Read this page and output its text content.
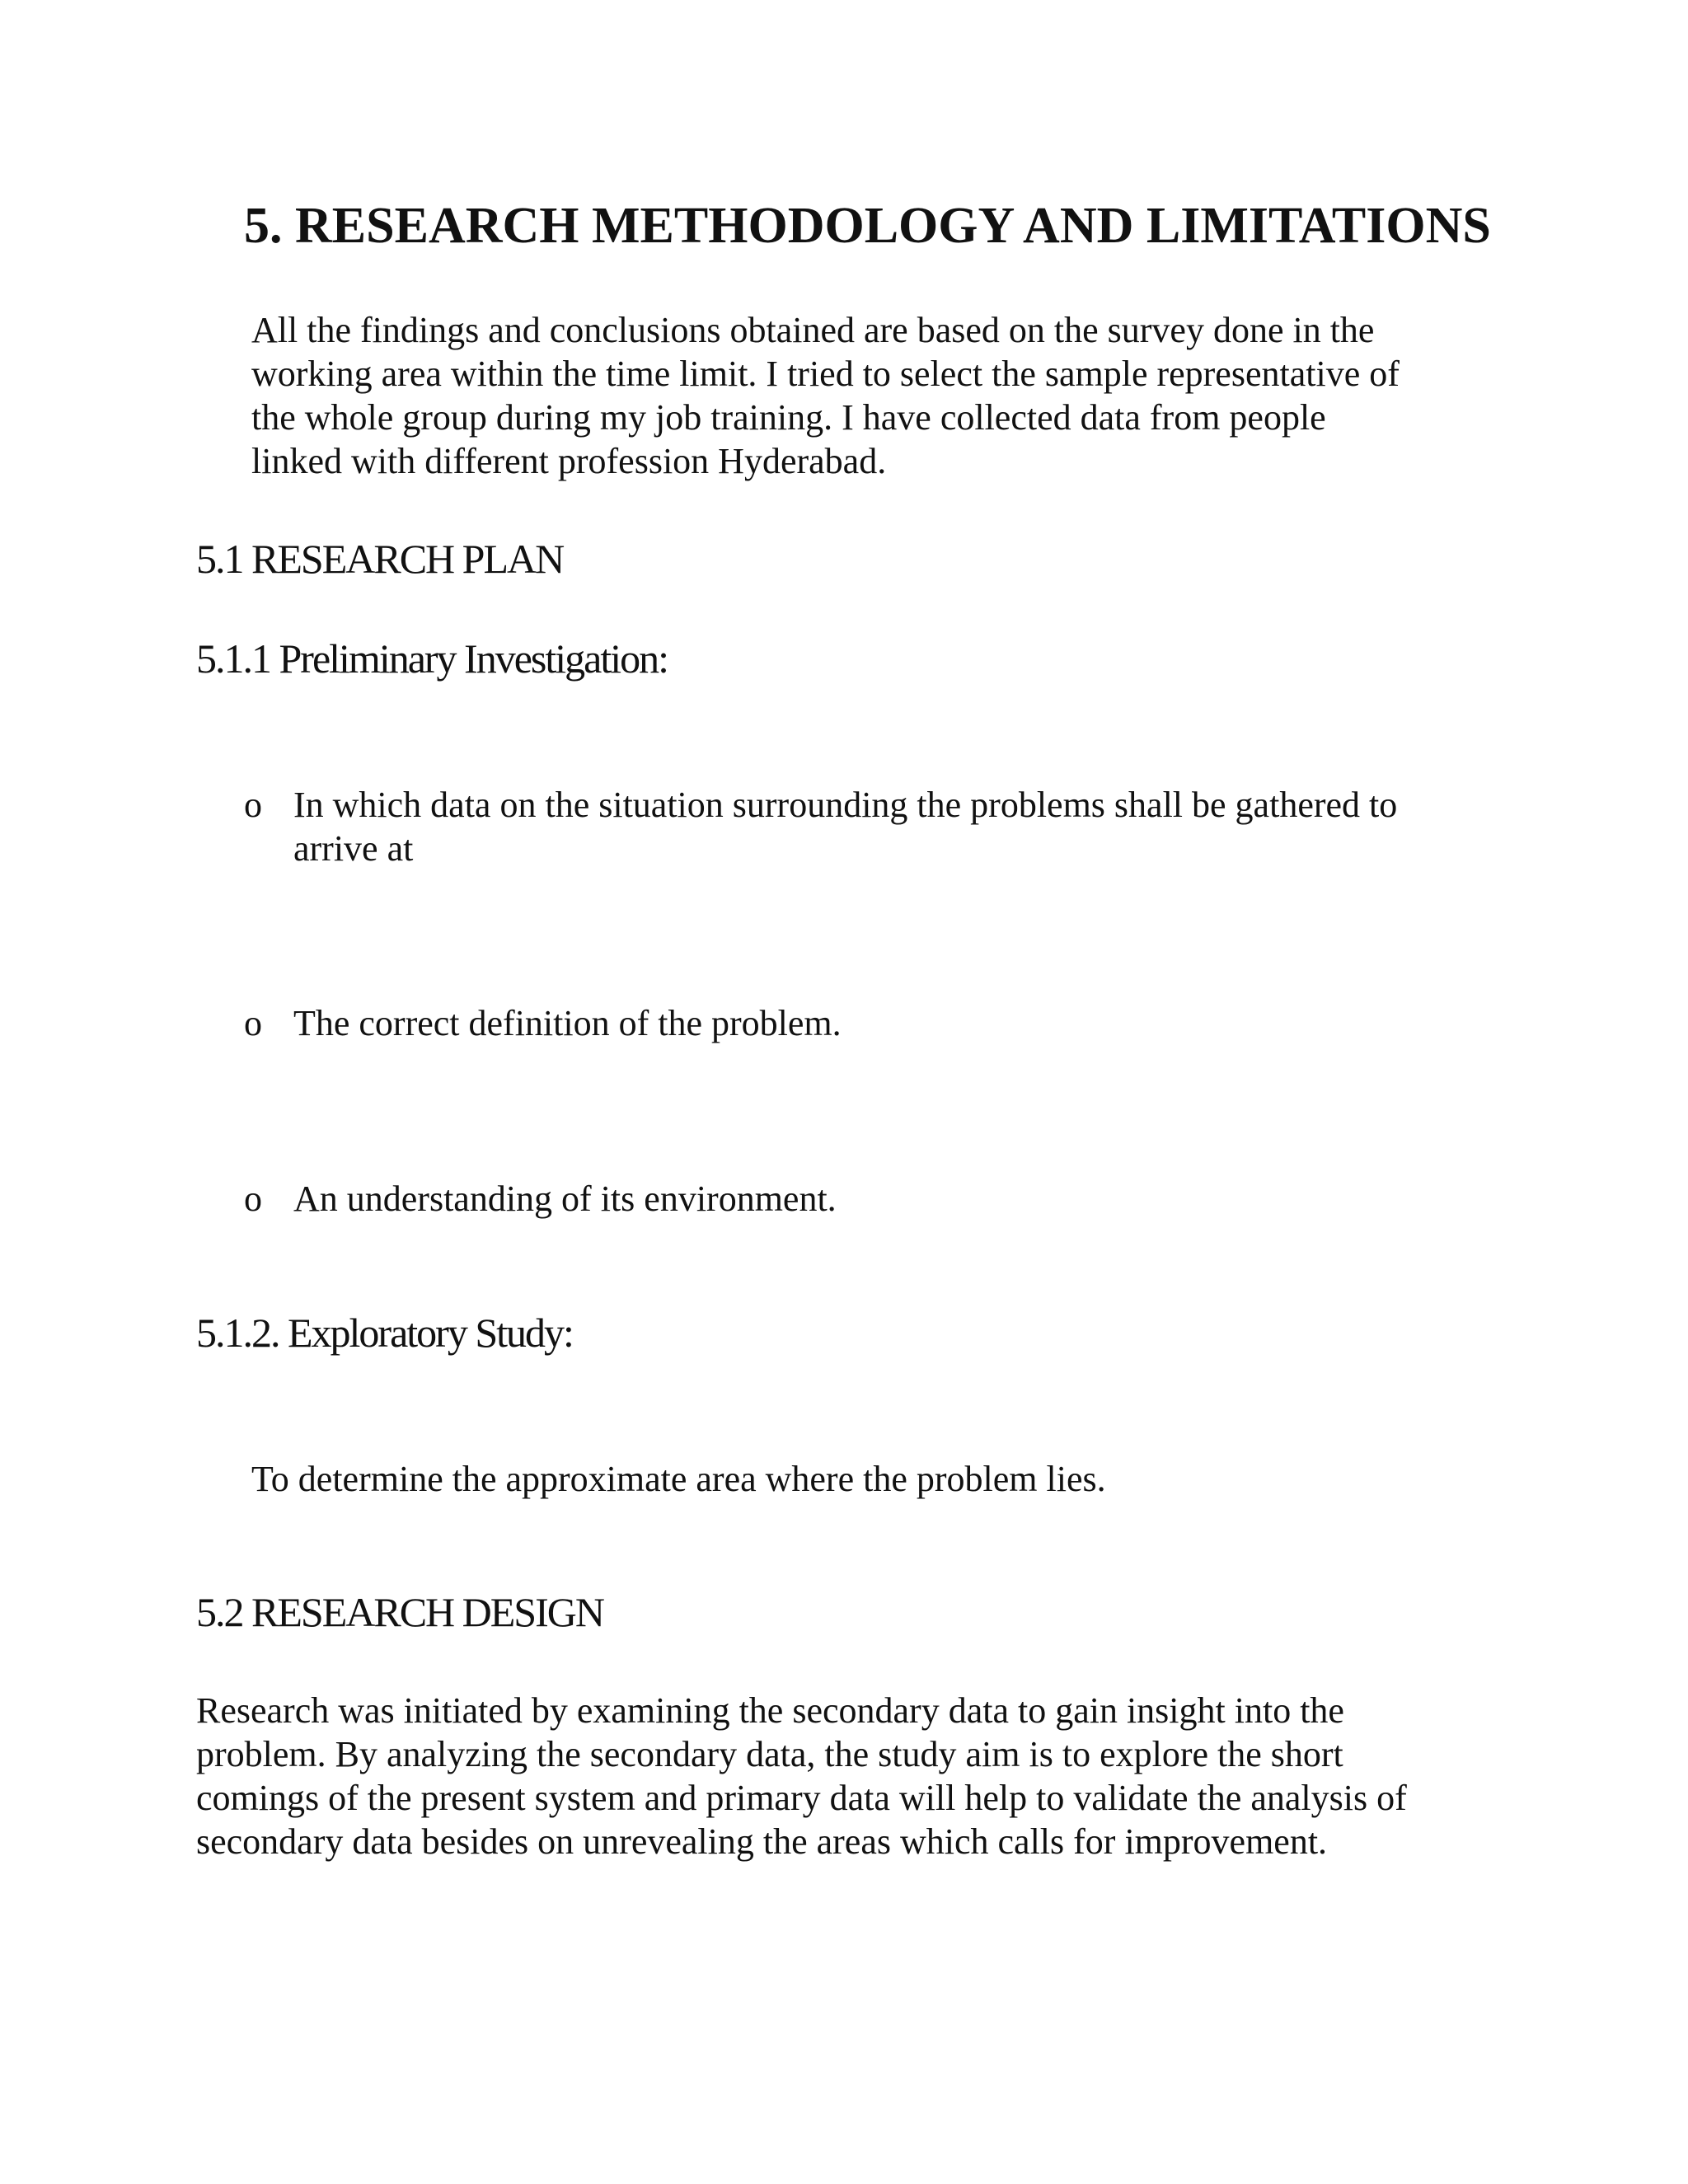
5. RESEARCH METHODOLOGY AND LIMITATIONS
All the findings and conclusions obtained are based on the survey done in the
working area within the time limit. I tried to select the sample representative of
the whole group during my job training. I have collected data from people
linked with different profession Hyderabad.
5.1 RESEARCH PLAN
5.1.1 Preliminary Investigation:
o In which data on the situation surrounding the problems shall be gathered to
arrive at
o The correct definition of the problem.
o An understanding of its environment.
5.1.2. Exploratory Study:

To determine the approximate area where the problem lies.

5.2 RESEARCH DESIGN
Research was initiated by examining the secondary data to gain insight into the
problem. By analyzing the secondary data, the study aim is to explore the short
comings of the present system and primary data will help to validate the analysis of
secondary data besides on unrevealing the areas which calls for improvement.
